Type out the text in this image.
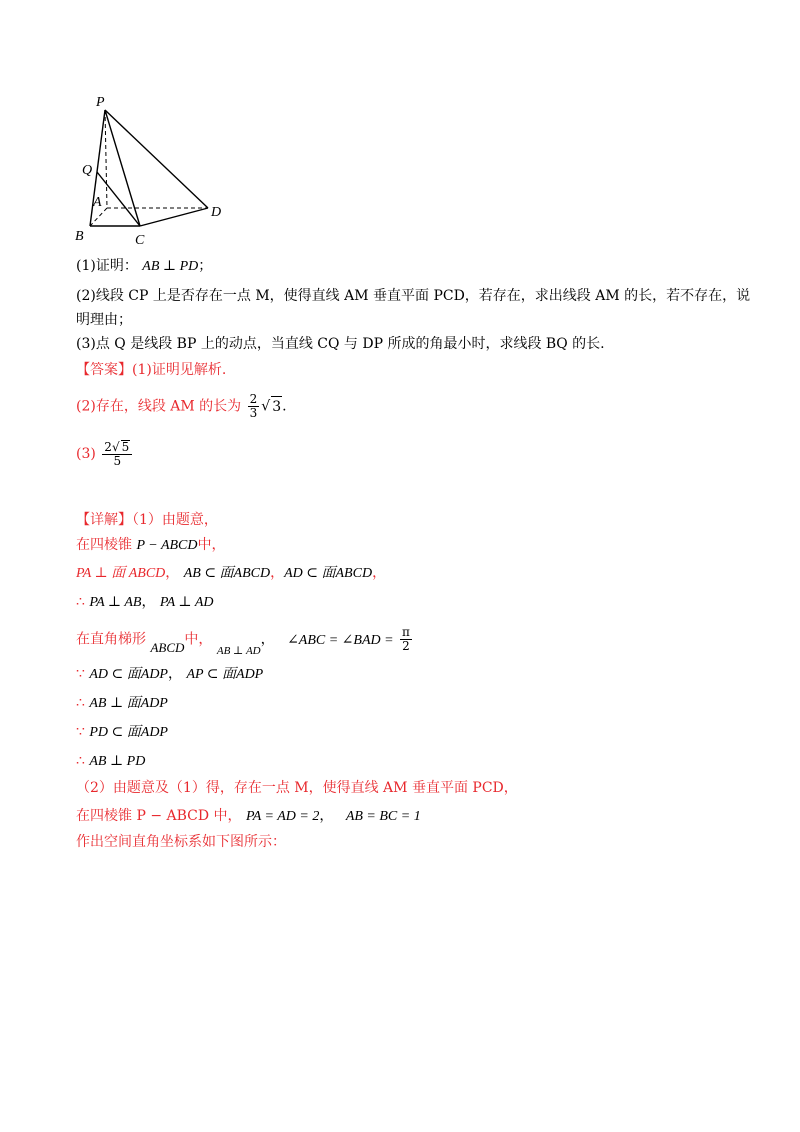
P
Q
A
B	C
D
(1)证明： AB ⊥ PD；
(2)线段 CP 上是否存在一点 M，使得直线 AM 垂直平面 PCD，若存在，求出线段 AM 的长，若不存在，说
明理由；
(3)点 Q 是线段 BP 上的动点，当直线 CQ 与 DP 所成的角最小时，求线段 BQ 的长.
【答案】(1)证明见解析.
(2)存在，线段 AM 的长为 $\frac{2}{3}$ √ 3.
$(3) \frac{2√ 5}{5}$
【详解】（1）由题意，
在四棱锥 P − ABCD中，
PA ⊥ 面 ABCD， AB ⊂ 面ABCD，AD ⊂ 面ABCD，
∴ PA ⊥ AB， PA ⊥ AD
在直角梯形 ABCD中， $_{AB \perp AD}$， ∠ABC = ∠BAD = $\frac{\pi}{2}$
∵ AD ⊂ 面ADP， AP ⊂ 面ADP
∴ AB ⊥ 面ADP
∵ PD ⊂ 面ADP
∴ AB ⊥ PD
（2）由题意及（1）得，存在一点 M，使得直线 AM 垂直平面 PCD，
在四棱锥 P − ABCD 中， PA = AD = 2， AB = BC = 1
作出空间直角坐标系如下图所示：
